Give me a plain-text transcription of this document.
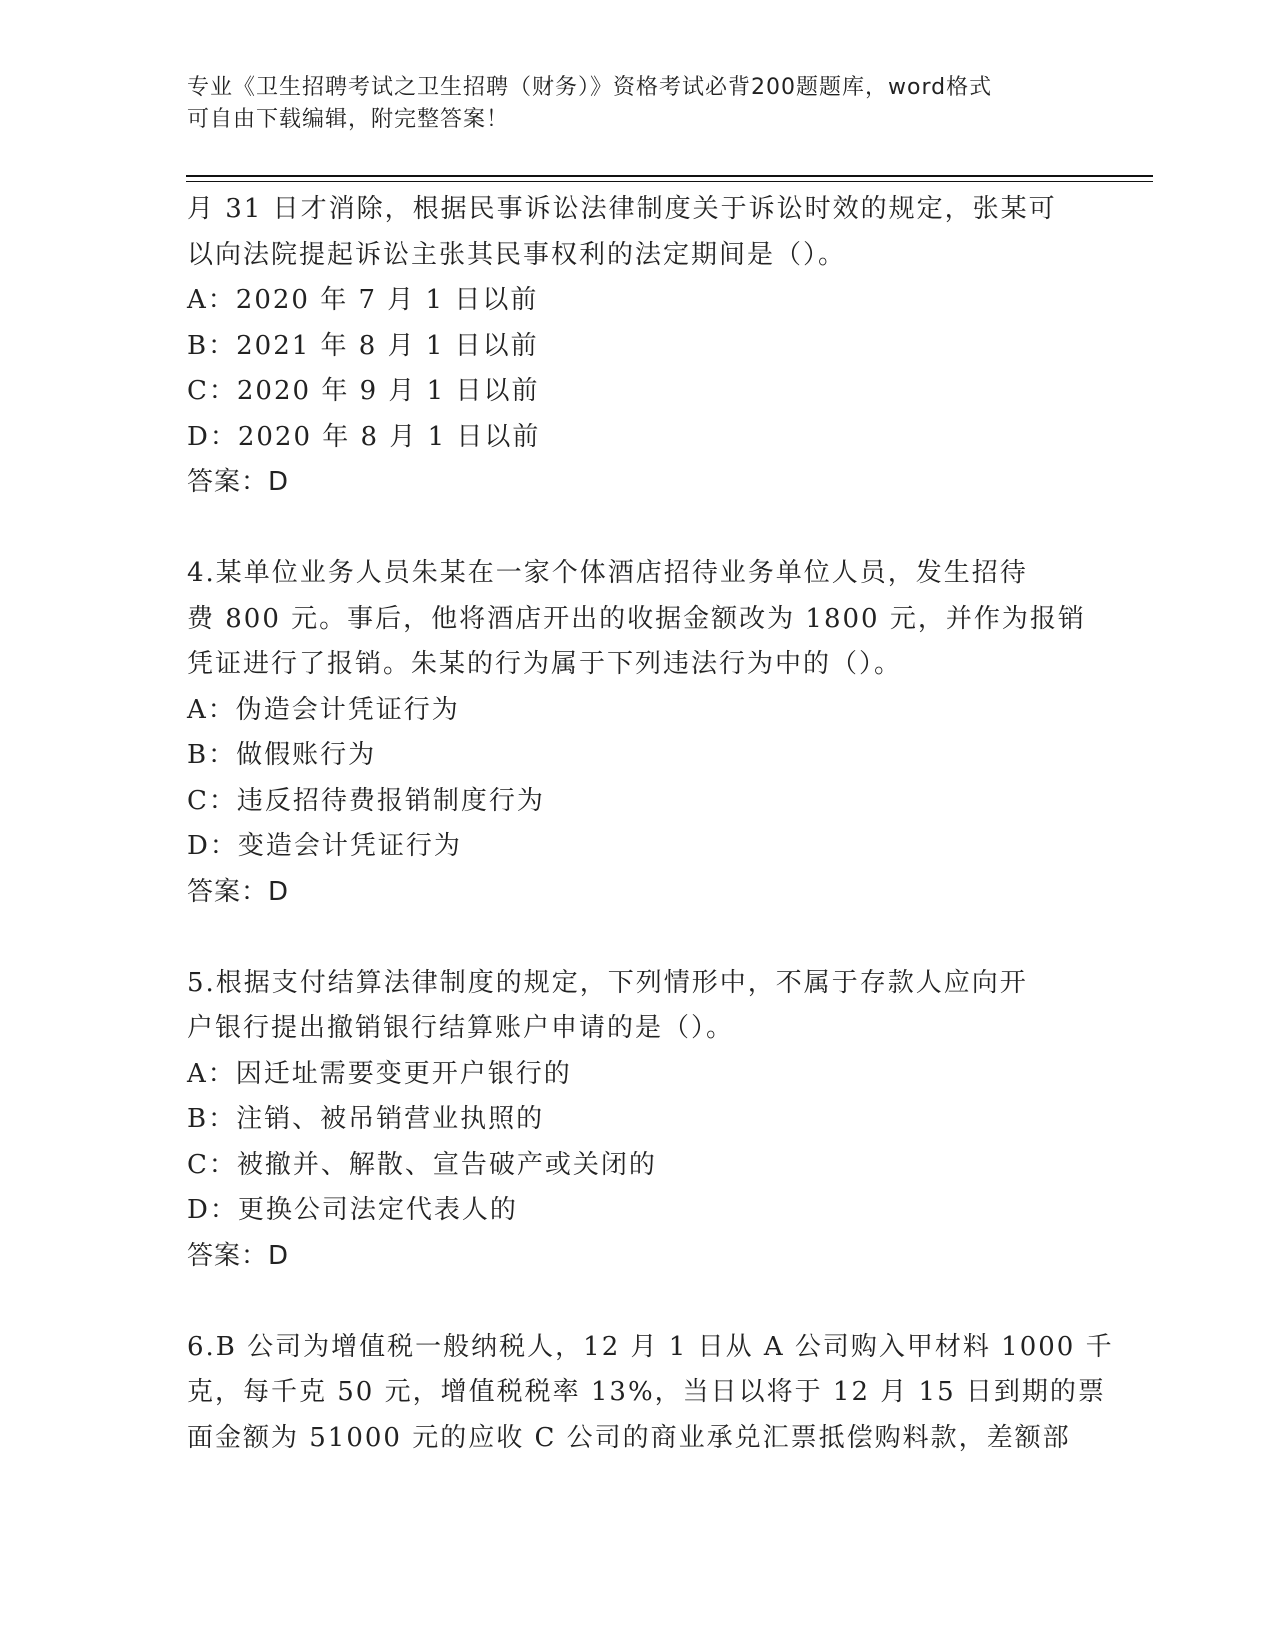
专业《卫生招聘考试之卫生招聘（财务）》资格考试必背200题题库，word格式
可自由下载编辑，附完整答案！
月 31 日才消除，根据民事诉讼法律制度关于诉讼时效的规定，张某可
以向法院提起诉讼主张其民事权利的法定期间是（）。
A：2020 年 7 月 1 日以前
B：2021 年 8 月 1 日以前
C：2020 年 9 月 1 日以前
D：2020 年 8 月 1 日以前
答案：D
4.某单位业务人员朱某在一家个体酒店招待业务单位人员，发生招待
费 800 元。事后，他将酒店开出的收据金额改为 1800 元，并作为报销
凭证进行了报销。朱某的行为属于下列违法行为中的（）。
A：伪造会计凭证行为
B：做假账行为
C：违反招待费报销制度行为
D：变造会计凭证行为
答案：D
5.根据支付结算法律制度的规定，下列情形中，不属于存款人应向开
户银行提出撤销银行结算账户申请的是（）。
A：因迁址需要变更开户银行的
B：注销、被吊销营业执照的
C：被撤并、解散、宣告破产或关闭的
D：更换公司法定代表人的
答案：D
6.B 公司为增值税一般纳税人，12 月 1 日从 A 公司购入甲材料 1000 千
克，每千克 50 元，增值税税率 13%，当日以将于 12 月 15 日到期的票
面金额为 51000 元的应收 C 公司的商业承兑汇票抵偿购料款，差额部
